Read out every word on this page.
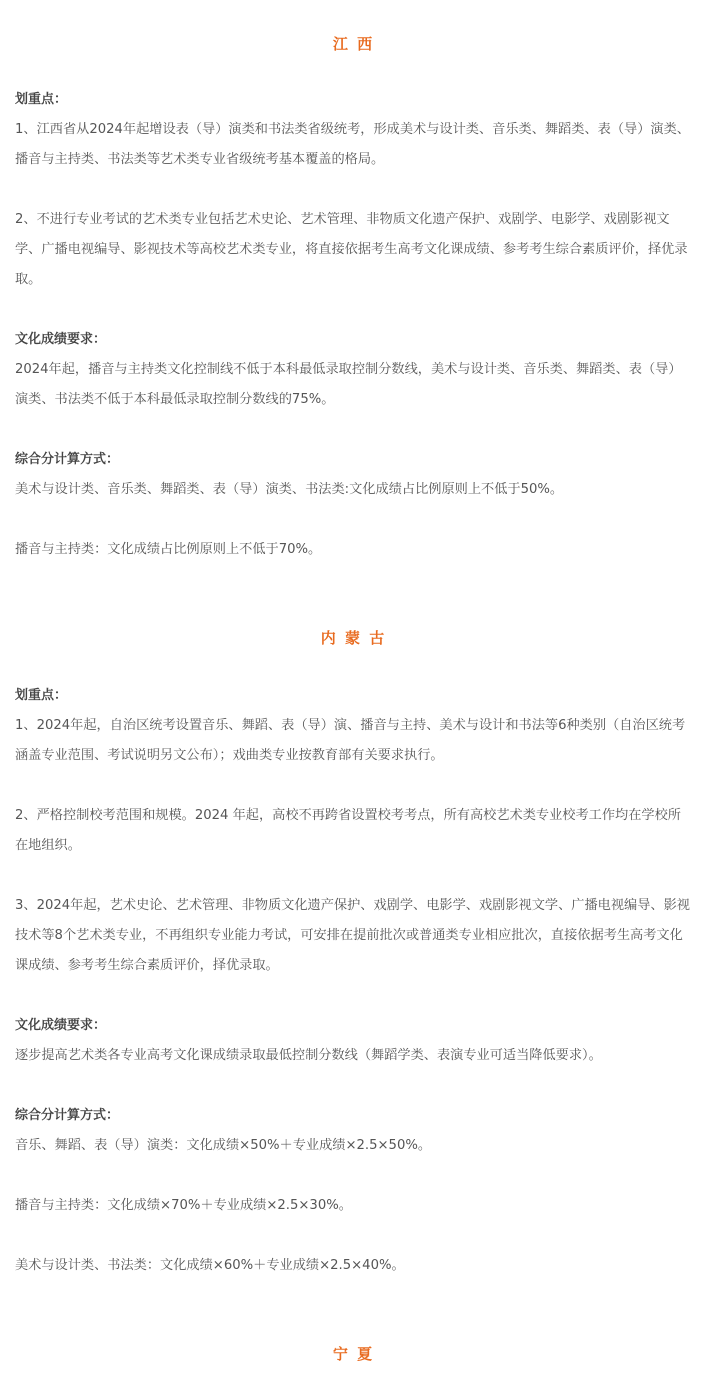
江 西
划重点：

1、江西省从2024年起增设表（导）演类和书法类省级统考，形成美术与设计类、音乐类、舞蹈类、表（导）演类、播音与主持类、书法类等艺术类专业省级统考基本覆盖的格局。

2、不进行专业考试的艺术类专业包括艺术史论、艺术管理、非物质文化遗产保护、戏剧学、电影学、戏剧影视文学、广播电视编导、影视技术等高校艺术类专业，将直接依据考生高考文化课成绩、参考考生综合素质评价，择优录取。

文化成绩要求：

2024年起，播音与主持类文化控制线不低于本科最低录取控制分数线，美术与设计类、音乐类、舞蹈类、表（导）演类、书法类不低于本科最低录取控制分数线的75%。

综合分计算方式：

美术与设计类、音乐类、舞蹈类、表（导）演类、书法类:文化成绩占比例原则上不低于50%。

播音与主持类：文化成绩占比例原则上不低于70%。

内 蒙 古
划重点：

1、2024年起，自治区统考设置音乐、舞蹈、表（导）演、播音与主持、美术与设计和书法等6种类别（自治区统考涵盖专业范围、考试说明另文公布）；戏曲类专业按教育部有关要求执行。

2、严格控制校考范围和规模。2024 年起，高校不再跨省设置校考考点，所有高校艺术类专业校考工作均在学校所在地组织。

3、2024年起，艺术史论、艺术管理、非物质文化遗产保护、戏剧学、电影学、戏剧影视文学、广播电视编导、影视技术等8个艺术类专业，不再组织专业能力考试，可安排在提前批次或普通类专业相应批次，直接依据考生高考文化课成绩、参考考生综合素质评价，择优录取。

文化成绩要求：

逐步提高艺术类各专业高考文化课成绩录取最低控制分数线（舞蹈学类、表演专业可适当降低要求）。

综合分计算方式：

音乐、舞蹈、表（导）演类：文化成绩×50%＋专业成绩×2.5×50%。

播音与主持类：文化成绩×70%＋专业成绩×2.5×30%。

美术与设计类、书法类：文化成绩×60%＋专业成绩×2.5×40%。

宁 夏
